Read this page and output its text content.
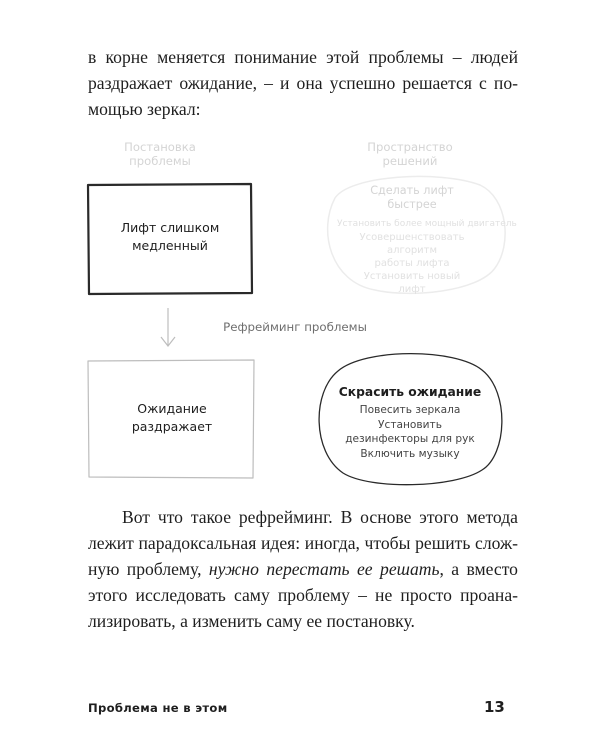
в корне меняется понимание этой проблемы – людей
раздражает ожидание, – и она успешно решается с по-
мощью зеркал:
Постановка
проблемы
Пространство
решений
Лифт слишком
медленный
Сделать лифт
быстрее
Установить более мощный двигатель
Усовершенствовать алгоритм
работы лифта
Установить новый
лифт
Рефрейминг проблемы
Ожидание
раздражает
Скрасить ожидание
Повесить зеркала
Установить
дезинфекторы для рук
Включить музыку
Вот что такое рефрейминг. В основе этого метода
лежит парадоксальная идея: иногда, чтобы решить слож-
ную проблему, нужно перестать ее решать, а вместо
этого исследовать саму проблему – не просто проана-
лизировать, а изменить саму ее постановку.
Проблема не в этом	13
